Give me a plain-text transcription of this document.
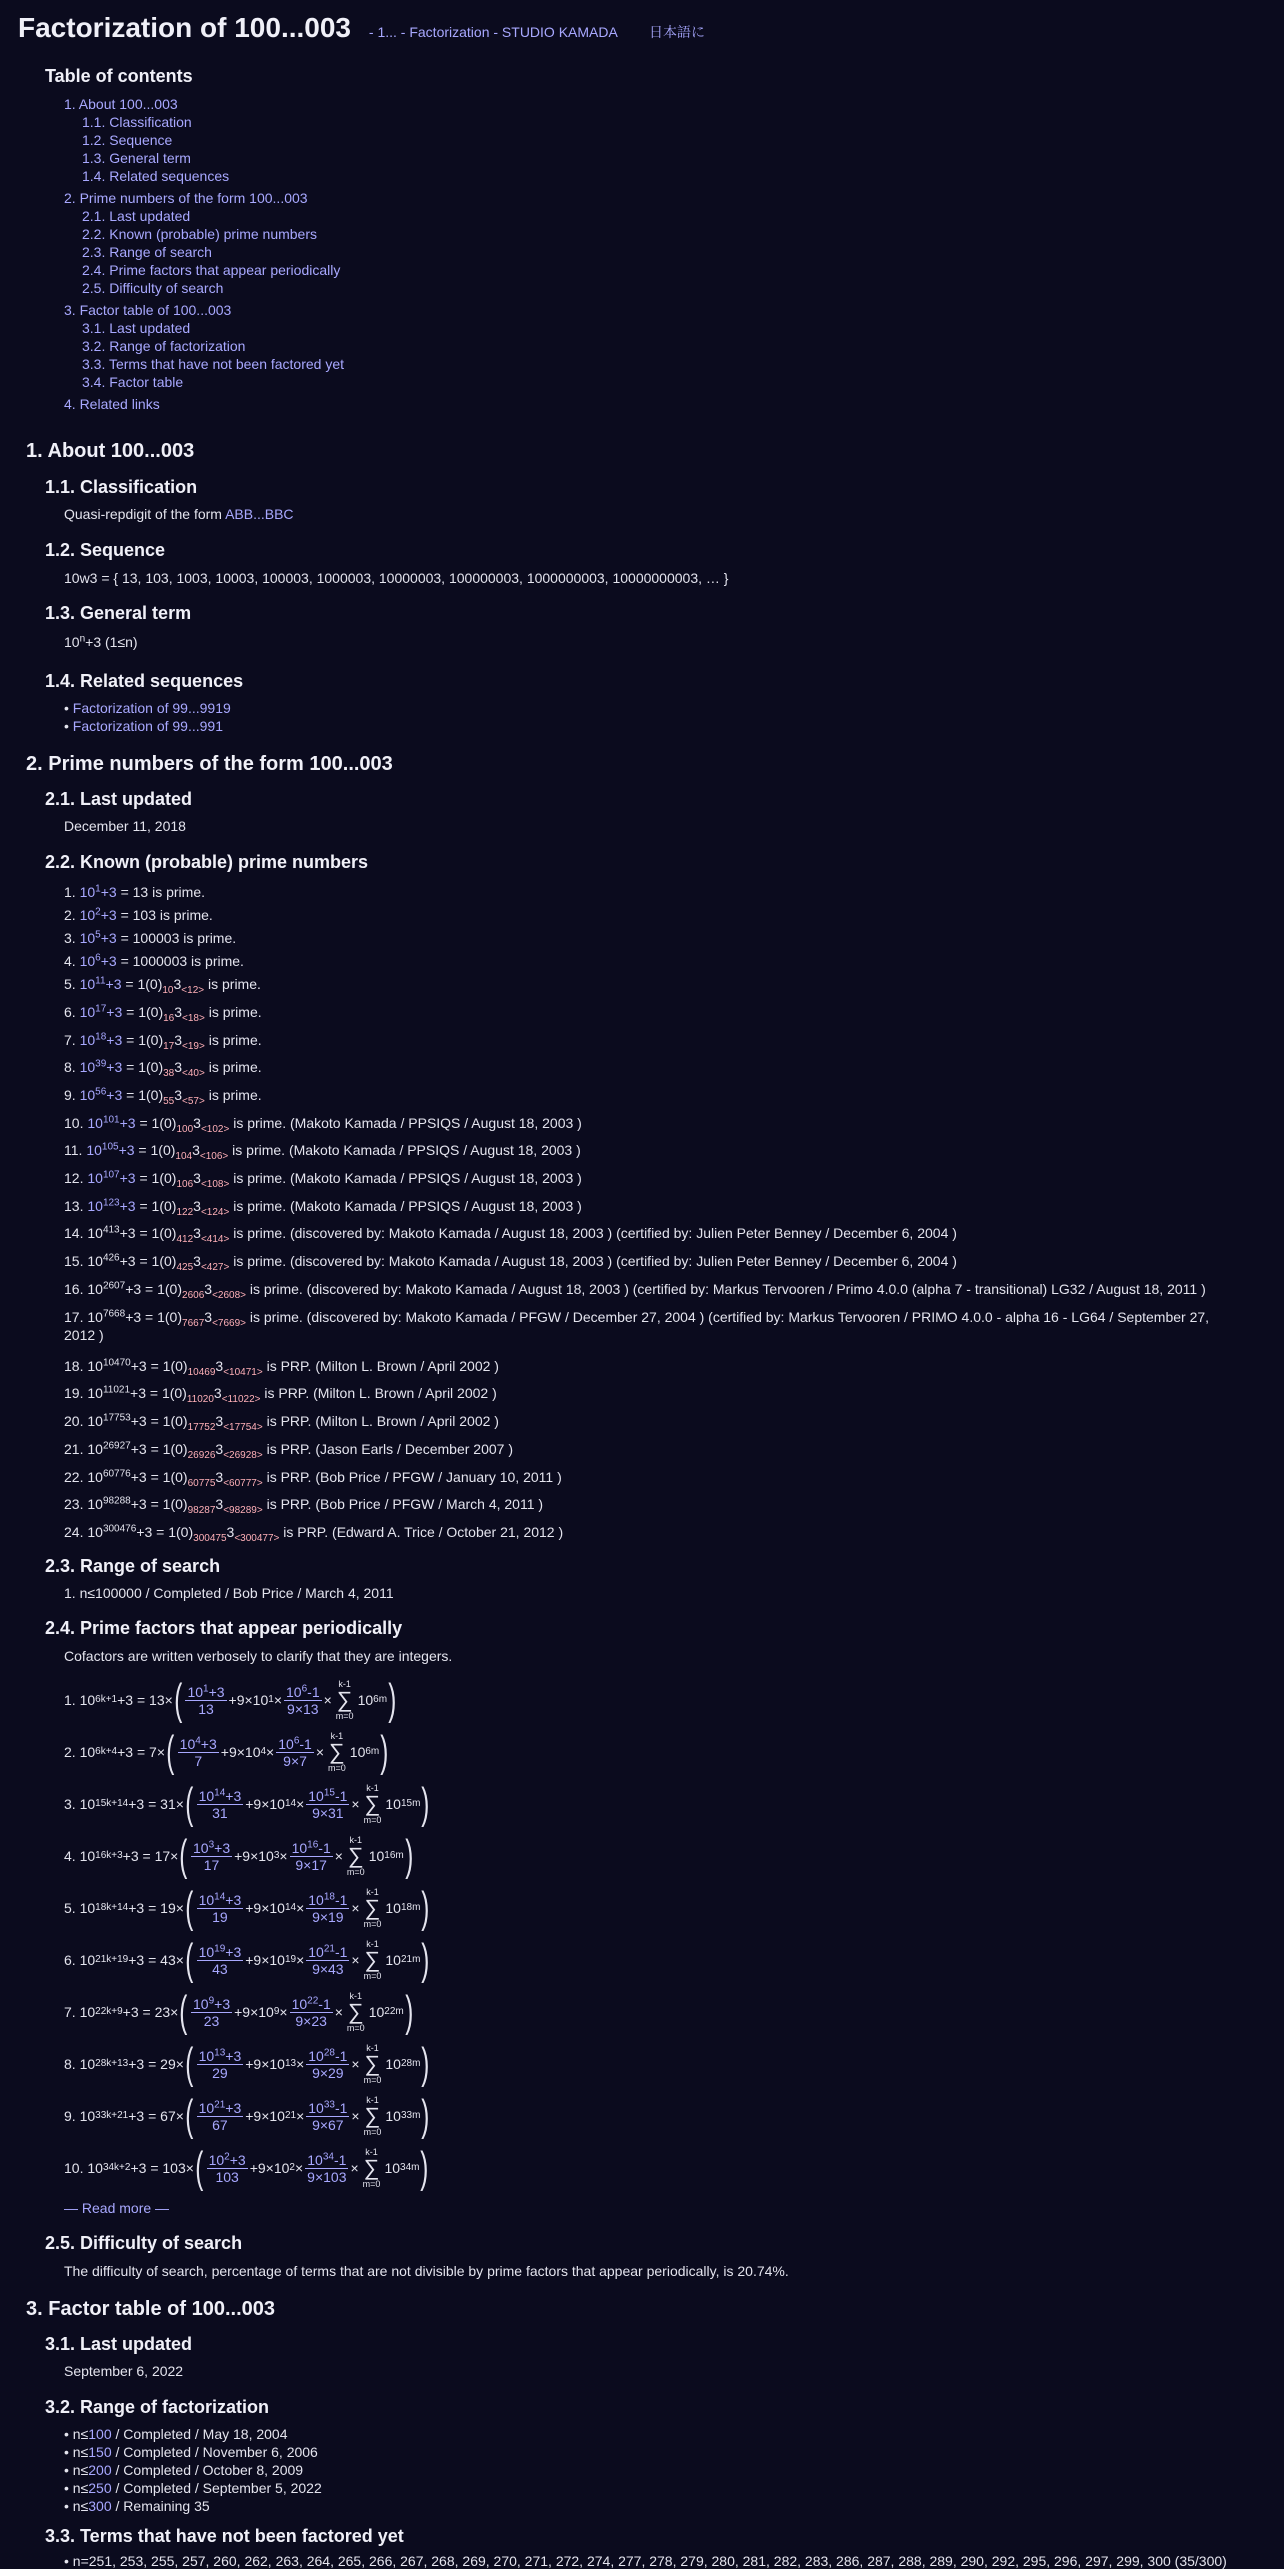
Factorization of 100...003 - 1... - Factorization - STUDIO KAMADA 日本語に
Table of contents
1. About 100...003
1.1. Classification
1.2. Sequence
1.3. General term
1.4. Related sequences
2. Prime numbers of the form 100...003
2.1. Last updated
2.2. Known (probable) prime numbers
2.3. Range of search
2.4. Prime factors that appear periodically
2.5. Difficulty of search
3. Factor table of 100...003
3.1. Last updated
3.2. Range of factorization
3.3. Terms that have not been factored yet
3.4. Factor table
4. Related links
1. About 100...003
1.1. Classification
Quasi-repdigit of the form ABB...BBC
1.2. Sequence
10w3 = { 13, 103, 1003, 10003, 100003, 1000003, 10000003, 100000003, 1000000003, 10000000003, … }
1.3. General term
$10^n+3$ (1≤n)
1.4. Related sequences
• Factorization of 99...9919
• Factorization of 99...991
2. Prime numbers of the form 100...003
2.1. Last updated
December 11, 2018
2.2. Known (probable) prime numbers
1. $10^1+3 = 13$ is prime.
2. $10^2+3 = 103$ is prime.
3. $10^5+3 = 100003$ is prime.
4. $10^6+3 = 1000003$ is prime.
5. $10^{11}+3 = 1(0)_{10}3_{<12>}$ is prime.
6. $10^{17}+3 = 1(0)_{16}3_{<18>}$ is prime.
7. $10^{18}+3 = 1(0)_{17}3_{<19>}$ is prime.
8. $10^{39}+3 = 1(0)_{38}3_{<40>}$ is prime.
9. $10^{56}+3 = 1(0)_{55}3_{<57>}$ is prime.
10. $10^{101}+3 = 1(0)_{100}3_{<102>}$ is prime. (Makoto Kamada / PPSIQS / August 18, 2003 )
11. $10^{105}+3 = 1(0)_{104}3_{<106>}$ is prime. (Makoto Kamada / PPSIQS / August 18, 2003 )
12. $10^{107}+3 = 1(0)_{106}3_{<108>}$ is prime. (Makoto Kamada / PPSIQS / August 18, 2003 )
13. $10^{123}+3 = 1(0)_{122}3_{<124>}$ is prime. (Makoto Kamada / PPSIQS / August 18, 2003 )
14. $10^{413}+3 = 1(0)_{412}3_{<414>}$ is prime. (discovered by: Makoto Kamada / August 18, 2003 ) (certified by: Julien Peter Benney / December 6, 2004 )
15. $10^{426}+3 = 1(0)_{425}3_{<427>}$ is prime. (discovered by: Makoto Kamada / August 18, 2003 ) (certified by: Julien Peter Benney / December 6, 2004 )
16. $10^{2607}+3 = 1(0)_{2606}3_{<2608>}$ is prime. (discovered by: Makoto Kamada / August 18, 2003 ) (certified by: Markus Tervooren / Primo 4.0.0 (alpha 7 - transitional) LG32 / August 18, 2011 )
17. $10^{7668}+3 = 1(0)_{7667}3_{<7669>}$ is prime. (discovered by: Makoto Kamada / PFGW / December 27, 2004 ) (certified by: Markus Tervooren / PRIMO 4.0.0 - alpha 16 - LG64 / September 27,
2012 )
18. $10^{10470}+3 = 1(0)_{10469}3_{<10471>}$ is PRP. (Milton L. Brown / April 2002 )
19. $10^{11021}+3 = 1(0)_{11020}3_{<11022>}$ is PRP. (Milton L. Brown / April 2002 )
20. $10^{17753}+3 = 1(0)_{17752}3_{<17754>}$ is PRP. (Milton L. Brown / April 2002 )
21. $10^{26927}+3 = 1(0)_{26926}3_{<26928>}$ is PRP. (Jason Earls / December 2007 )
22. $10^{60776}+3 = 1(0)_{60775}3_{<60777>}$ is PRP. (Bob Price / PFGW / January 10, 2011 )
23. $10^{98288}+3 = 1(0)_{98287}3_{<98289>}$ is PRP. (Bob Price / PFGW / March 4, 2011 )
24. $10^{300476}+3 = 1(0)_{300475}3_{<300477>}$ is PRP. (Edward A. Trice / October 21, 2012 )
2.3. Range of search
1. n≤100000 / Completed / Bob Price / March 4, 2011
2.4. Prime factors that appear periodically
Cofactors are written verbosely to clarify that they are integers.
1. 10 6k+1 +3 = 13× ( $\frac{10^1+3}{13} +9\times 10$ $1 \times \frac{10^6-1}{9\times 13}$ ×
k-1
∑
m=0
10 6m )
2. 10 6k+4 +3 = 7× ( $\frac{10^4+3}{7} +9\times 10$ $4 \times \frac{10^6-1}{9\times 7}$ ×
k-1
∑
m=0
10 6m )
3. 10 15k+14 +3 = 31× ( $\frac{10^{14}+3}{31} +9\times 10$ $14 \times \frac{10^{15}-1}{9\times 31}$ ×
k-1
∑
m=0
10 15m )
4. 10 16k+3 +3 = 17× ( $\frac{10^3+3}{17} +9\times 10$ $3 \times \frac{10^{16}-1}{9\times 17}$ ×
k-1
∑
m=0
10 16m )
5. 10 18k+14 +3 = 19× ( $\frac{10^{14}+3}{19} +9\times 10$ $14 \times \frac{10^{18}-1}{9\times 19}$ ×
k-1
∑
m=0
10 18m )
6. 10 21k+19 +3 = 43× ( $\frac{10^{19}+3}{43} +9\times 10$ $19 \times \frac{10^{21}-1}{9\times 43}$ ×
k-1
∑
m=0
10 21m )
7. 10 22k+9 +3 = 23× ( $\frac{10^9+3}{23} +9\times 10$ $9 \times \frac{10^{22}-1}{9\times 23}$ ×
k-1
∑
m=0
10 22m )
8. 10 28k+13 +3 = 29× ( $\frac{10^{13}+3}{29} +9\times 10$ $13 \times \frac{10^{28}-1}{9\times 29}$ ×
k-1
∑
m=0
10 28m )
9. 10 33k+21 +3 = 67× ( $\frac{10^{21}+3}{67} +9\times 10$ $21 \times \frac{10^{33}-1}{9\times 67}$ ×
k-1
∑
m=0
10 33m )
10. 10 34k+2 +3 = 103× ( $\frac{10^2+3}{103} +9\times 10$ $2 \times \frac{10^{34}-1}{9\times 103}$ ×
k-1
∑
m=0
10 34m )
— Read more —
2.5. Difficulty of search
The difficulty of search, percentage of terms that are not divisible by prime factors that appear periodically, is 20.74%.
3. Factor table of 100...003
3.1. Last updated
September 6, 2022
3.2. Range of factorization
• n≤100 / Completed / May 18, 2004
• n≤150 / Completed / November 6, 2006
• n≤200 / Completed / October 8, 2009
• n≤250 / Completed / September 5, 2022
• n≤300 / Remaining 35
3.3. Terms that have not been factored yet
• n=251, 253, 255, 257, 260, 262, 263, 264, 265, 266, 267, 268, 269, 270, 271, 272, 274, 277, 278, 279, 280, 281, 282, 283, 286, 287, 288, 289, 290, 292, 295, 296, 297, 299, 300 (35/300)
